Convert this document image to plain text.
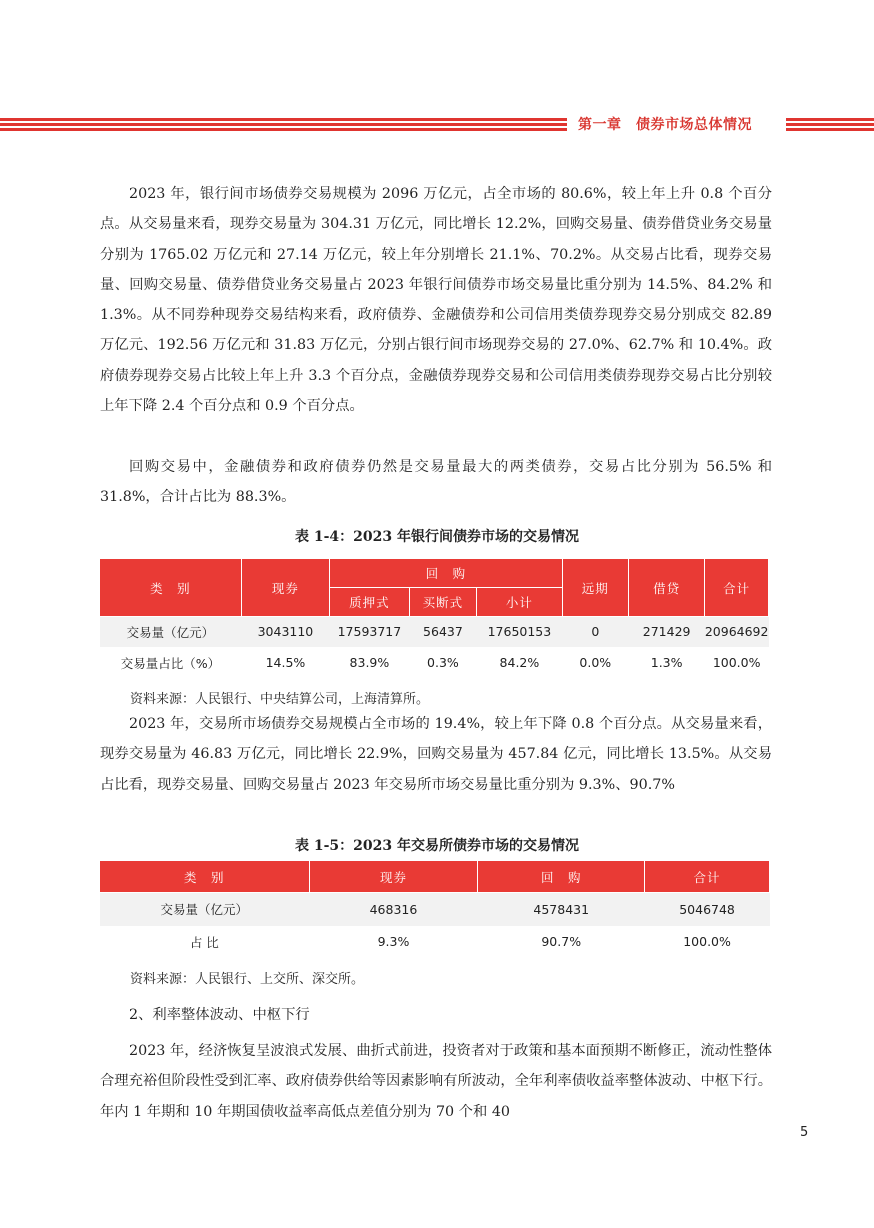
第一章　债券市场总体情况

2023 年，银行间市场债券交易规模为 2096 万亿元，占全市场的 80.6%，较上年上升 0.8 个百分点。从交易量来看，现券交易量为 304.31 万亿元，同比增长 12.2%，回购交易量、债券借贷业务交易量分别为 1765.02 万亿元和 27.14 万亿元，较上年分别增长 21.1%、70.2%。从交易占比看，现券交易量、回购交易量、债券借贷业务交易量占 2023 年银行间债券市场交易量比重分别为 14.5%、84.2% 和 1.3%。从不同券种现券交易结构来看，政府债券、金融债券和公司信用类债券现券交易分别成交 82.89 万亿元、192.56 万亿元和 31.83 万亿元，分别占银行间市场现券交易的 27.0%、62.7% 和 10.4%。政府债券现券交易占比较上年上升 3.3 个百分点，金融债券现券交易和公司信用类债券现券交易占比分别较上年下降 2.4 个百分点和 0.9 个百分点。

回购交易中，金融债券和政府债券仍然是交易量最大的两类债券，交易占比分别为 56.5% 和 31.8%，合计占比为 88.3%。

表 1-4：2023 年银行间债券市场的交易情况

类　别	现券	回　购			远期	借贷	合计
		质押式	买断式	小计			
交易量（亿元）	3043110	17593717	56437	17650153	0	271429	20964692
交易量占比（%）	14.5%	83.9%	0.3%	84.2%	0.0%	1.3%	100.0%

资料来源：人民银行、中央结算公司，上海清算所。

2023 年，交易所市场债券交易规模占全市场的 19.4%，较上年下降 0.8 个百分点。从交易量来看，现券交易量为 46.83 万亿元，同比增长 22.9%，回购交易量为 457.84 亿元，同比增长 13.5%。从交易占比看，现券交易量、回购交易量占 2023 年交易所市场交易量比重分别为 9.3%、90.7%

表 1-5：2023 年交易所债券市场的交易情况

类　别	现券	回　购	合计
交易量（亿元）	468316	4578431	5046748
占 比	9.3%	90.7%	100.0%

资料来源：人民银行、上交所、深交所。

2、利率整体波动、中枢下行

2023 年，经济恢复呈波浪式发展、曲折式前进，投资者对于政策和基本面预期不断修正，流动性整体合理充裕但阶段性受到汇率、政府债券供给等因素影响有所波动，全年利率债收益率整体波动、中枢下行。年内 1 年期和 10 年期国债收益率高低点差值分别为 70 个和 40

5
